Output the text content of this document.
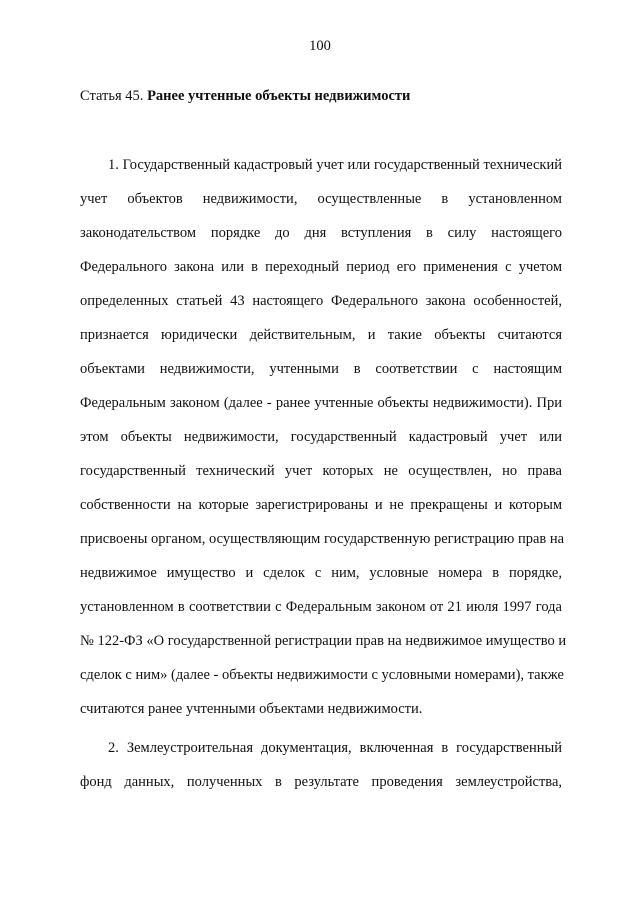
100
Статья 45. Ранее учтенные объекты недвижимости
1. Государственный кадастровый учет или государственный технический
учет объектов недвижимости, осуществленные в установленном
законодательством порядке до дня вступления в силу настоящего
Федерального закона или в переходный период его применения с учетом
определенных статьей 43 настоящего Федерального закона особенностей,
признается юридически действительным, и такие объекты считаются
объектами недвижимости, учтенными в соответствии с настоящим
Федеральным законом (далее - ранее учтенные объекты недвижимости). При
этом объекты недвижимости, государственный кадастровый учет или
государственный технический учет которых не осуществлен, но права
собственности на которые зарегистрированы и не прекращены и которым
присвоены органом, осуществляющим государственную регистрацию прав на
недвижимое имущество и сделок с ним, условные номера в порядке,
установленном в соответствии с Федеральным законом от 21 июля 1997 года
№ 122-ФЗ «О государственной регистрации прав на недвижимое имущество и
сделок с ним» (далее - объекты недвижимости с условными номерами), также
считаются ранее учтенными объектами недвижимости.
2. Землеустроительная документация, включенная в государственный
фонд данных, полученных в результате проведения землеустройства,
